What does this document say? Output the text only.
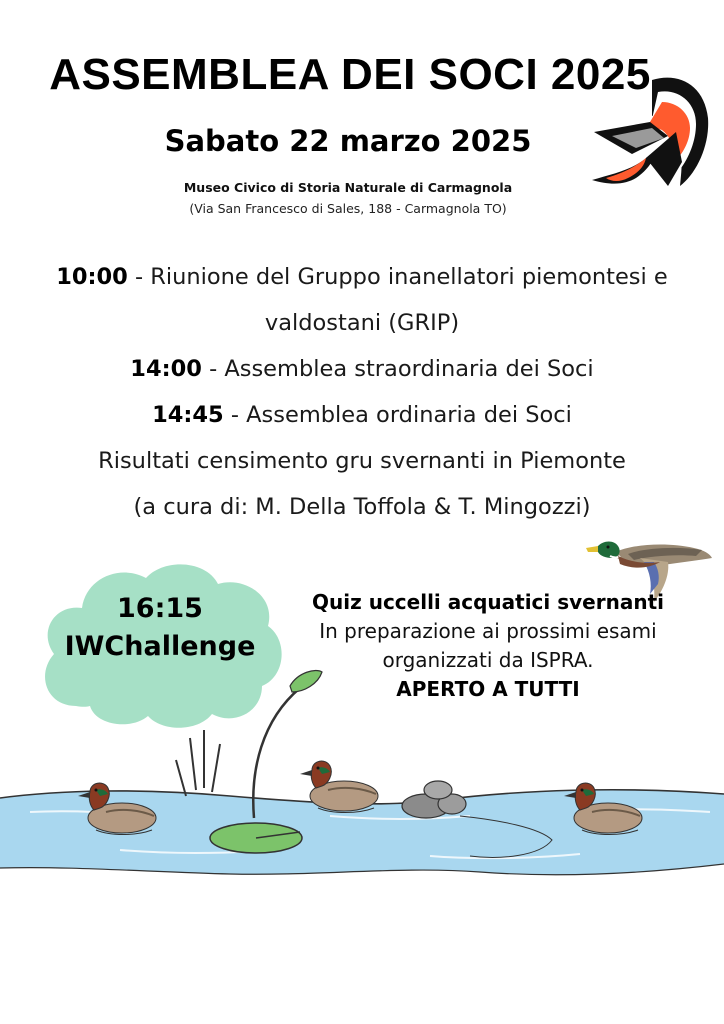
ASSEMBLEA DEI SOCI 2025
Sabato 22 marzo 2025
Museo Civico di Storia Naturale di Carmagnola
(Via San Francesco di Sales, 188 - Carmagnola TO)
10:00 - Riunione del Gruppo inanellatori piemontesi e
valdostani (GRIP)
14:00 - Assemblea straordinaria dei Soci
14:45 - Assemblea ordinaria dei Soci
Risultati censimento gru svernanti in Piemonte
(a cura di: M. Della Toffola & T. Mingozzi)
16:15
IWChallenge
Quiz uccelli acquatici svernanti
In preparazione ai prossimi esami
organizzati da ISPRA.
APERTO A TUTTI
